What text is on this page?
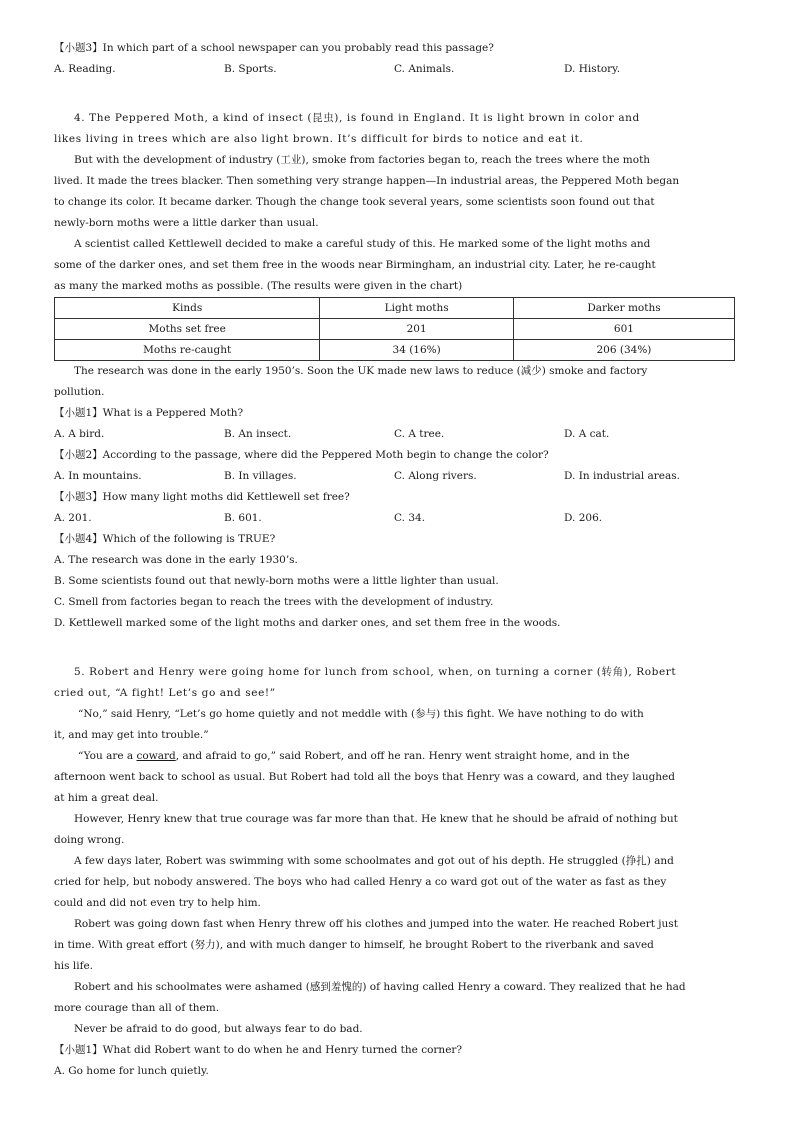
【小题3】In which part of a school newspaper can you probably read this passage?
A. Reading.	B. Sports.	C. Animals.	D. History.
4. The Peppered Moth, a kind of insect (昆虫), is found in England. It is light brown in color and
likes living in trees which are also light brown. It’s difficult for birds to notice and eat it.
But with the development of industry (工业), smoke from factories began to, reach the trees where the moth
lived. It made the trees blacker. Then something very strange happen—In industrial areas, the Peppered Moth began
to change its color. It became darker. Though the change took several years, some scientists soon found out that
newly-born moths were a little darker than usual.
A scientist called Kettlewell decided to make a careful study of this. He marked some of the light moths and
some of the darker ones, and set them free in the woods near Birmingham, an industrial city. Later, he re-caught
as many the marked moths as possible. (The results were given in the chart)
Kinds	Light moths	Darker moths
Moths set free	201	601
Moths re-caught	34 (16%)	206 (34%)
The research was done in the early 1950’s. Soon the UK made new laws to reduce (减少) smoke and factory
pollution.
【小题1】What is a Peppered Moth?
A. A bird.	B. An insect.	C. A tree.	D. A cat.
【小题2】According to the passage, where did the Peppered Moth begin to change the color?
A. In mountains.	B. In villages.	C. Along rivers.	D. In industrial areas.
【小题3】How many light moths did Kettlewell set free?
A. 201.	B. 601.	C. 34.	D. 206.
【小题4】Which of the following is TRUE?
A. The research was done in the early 1930’s.
B. Some scientists found out that newly-born moths were a little lighter than usual.
C. Smell from factories began to reach the trees with the development of industry.
D. Kettlewell marked some of the light moths and darker ones, and set them free in the woods.
5. Robert and Henry were going home for lunch from school, when, on turning a corner (转角), Robert
cried out, “A fight! Let’s go and see!”
“No,” said Henry, “Let’s go home quietly and not meddle with (参与) this fight. We have nothing to do with
it, and may get into trouble.”
“You are a coward, and afraid to go,” said Robert, and off he ran. Henry went straight home, and in the
afternoon went back to school as usual. But Robert had told all the boys that Henry was a coward, and they laughed
at him a great deal.
However, Henry knew that true courage was far more than that. He knew that he should be afraid of nothing but
doing wrong.
A few days later, Robert was swimming with some schoolmates and got out of his depth. He struggled (挣扎) and
cried for help, but nobody answered. The boys who had called Henry a co ward got out of the water as fast as they
could and did not even try to help him.
Robert was going down fast when Henry threw off his clothes and jumped into the water. He reached Robert just
in time. With great effort (努力), and with much danger to himself, he brought Robert to the riverbank and saved
his life.
Robert and his schoolmates were ashamed (感到羞愧的) of having called Henry a coward. They realized that he had
more courage than all of them.
Never be afraid to do good, but always fear to do bad.
【小题1】What did Robert want to do when he and Henry turned the corner?
A. Go home for lunch quietly.
